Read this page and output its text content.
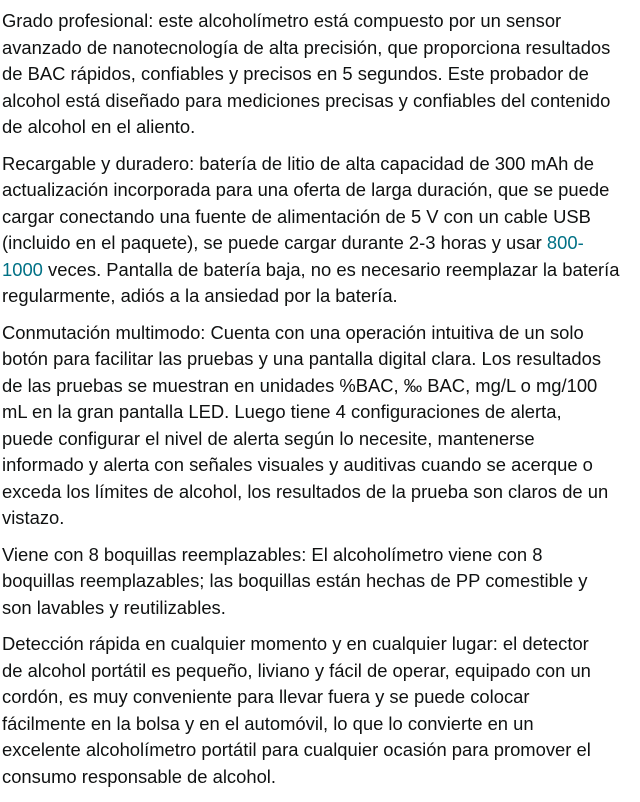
Grado profesional: este alcoholímetro está compuesto por un sensor
avanzado de nanotecnología de alta precisión, que proporciona resultados
de BAC rápidos, confiables y precisos en 5 segundos. Este probador de
alcohol está diseñado para mediciones precisas y confiables del contenido
de alcohol en el aliento.

Recargable y duradero: batería de litio de alta capacidad de 300 mAh de
actualización incorporada para una oferta de larga duración, que se puede
cargar conectando una fuente de alimentación de 5 V con un cable USB
(incluido en el paquete), se puede cargar durante 2-3 horas y usar 800-
1000 veces. Pantalla de batería baja, no es necesario reemplazar la batería
regularmente, adiós a la ansiedad por la batería.

Conmutación multimodo: Cuenta con una operación intuitiva de un solo
botón para facilitar las pruebas y una pantalla digital clara. Los resultados
de las pruebas se muestran en unidades %BAC, ‰ BAC, mg/L o mg/100
mL en la gran pantalla LED. Luego tiene 4 configuraciones de alerta,
puede configurar el nivel de alerta según lo necesite, mantenerse
informado y alerta con señales visuales y auditivas cuando se acerque o
exceda los límites de alcohol, los resultados de la prueba son claros de un
vistazo.

Viene con 8 boquillas reemplazables: El alcoholímetro viene con 8
boquillas reemplazables; las boquillas están hechas de PP comestible y
son lavables y reutilizables.

Detección rápida en cualquier momento y en cualquier lugar: el detector
de alcohol portátil es pequeño, liviano y fácil de operar, equipado con un
cordón, es muy conveniente para llevar fuera y se puede colocar
fácilmente en la bolsa y en el automóvil, lo que lo convierte en un
excelente alcoholímetro portátil para cualquier ocasión para promover el
consumo responsable de alcohol.
